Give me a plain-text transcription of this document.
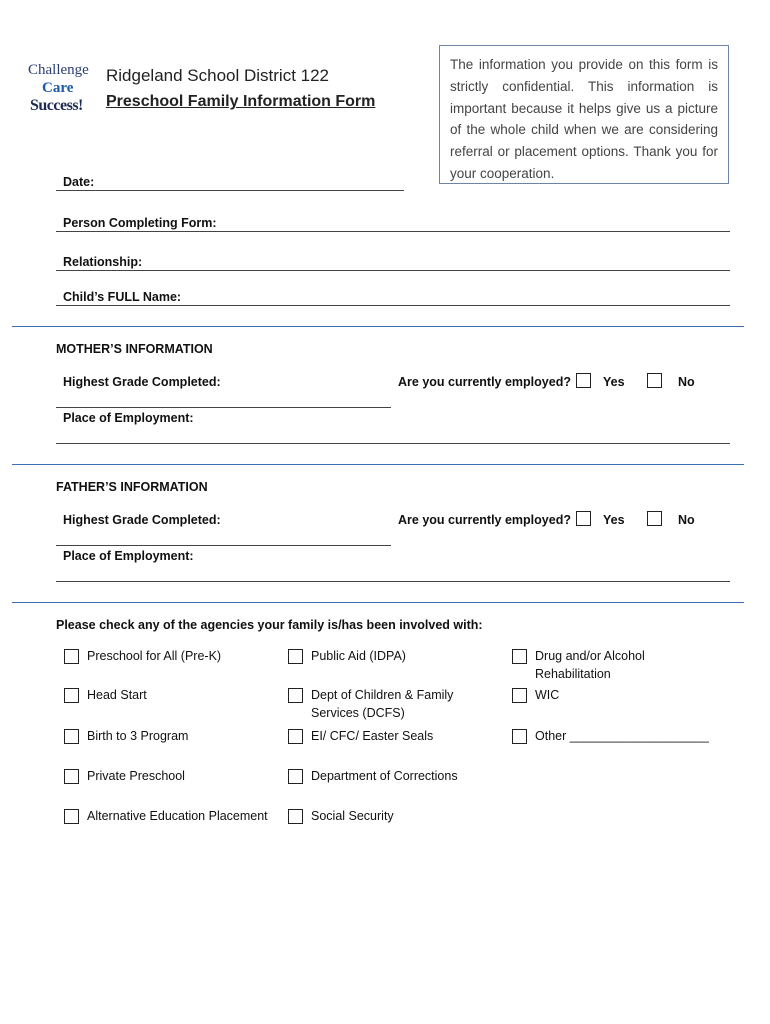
Challenge
Care
Success!
Ridgeland School District 122
Preschool Family Information Form
The information you provide on this form is strictly confidential. This information is important because it helps give us a picture of the whole child when we are considering referral or placement options. Thank you for your cooperation.
Date:
Person Completing Form:
Relationship:
Child’s FULL Name:
MOTHER’S INFORMATION
Highest Grade Completed:	Are you currently employed?	Yes	No
Place of Employment:
FATHER’S INFORMATION
Highest Grade Completed:	Are you currently employed?	Yes	No
Place of Employment:
Please check any of the agencies your family is/has been involved with:
Preschool for All (Pre-K)
Head Start
Birth to 3 Program
Private Preschool
Alternative Education Placement
Public Aid (IDPA)
Dept of Children & Family   Services (DCFS)
EI/ CFC/ Easter Seals
Department of Corrections
Social Security
Drug and/or Alcohol   Rehabilitation
WIC
Other ____________________
